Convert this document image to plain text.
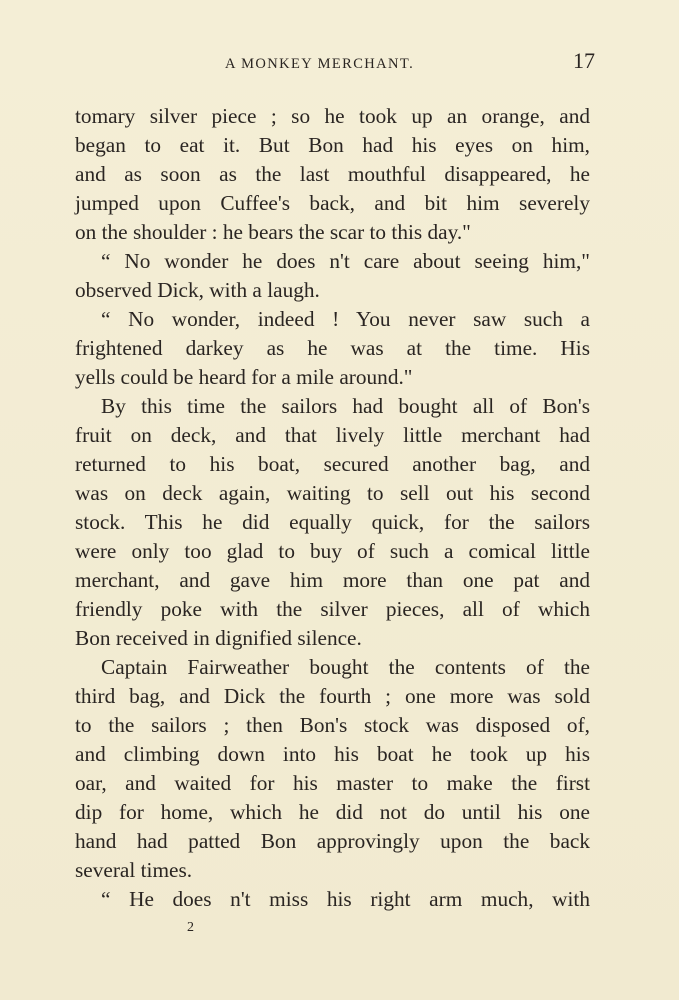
A MONKEY MERCHANT.	17

tomary silver piece ; so he took up an orange, and

began to eat it. But Bon had his eyes on him,

and as soon as the last mouthful disappeared, he

jumped upon Cuffee's back, and bit him severely

on the shoulder : he bears the scar to this day."

“ No wonder he does n't care about seeing him,"

observed Dick, with a laugh.

“ No wonder, indeed ! You never saw such a

frightened darkey as he was at the time. His

yells could be heard for a mile around."

By this time the sailors had bought all of Bon's

fruit on deck, and that lively little merchant had

returned to his boat, secured another bag, and

was on deck again, waiting to sell out his second

stock. This he did equally quick, for the sailors

were only too glad to buy of such a comical little

merchant, and gave him more than one pat and

friendly poke with the silver pieces, all of which

Bon received in dignified silence.

Captain Fairweather bought the contents of the

third bag, and Dick the fourth ; one more was sold

to the sailors ; then Bon's stock was disposed of,

and climbing down into his boat he took up his

oar, and waited for his master to make the first

dip for home, which he did not do until his one

hand had patted Bon approvingly upon the back

several times.

“ He does n't miss his right arm much, with

2
